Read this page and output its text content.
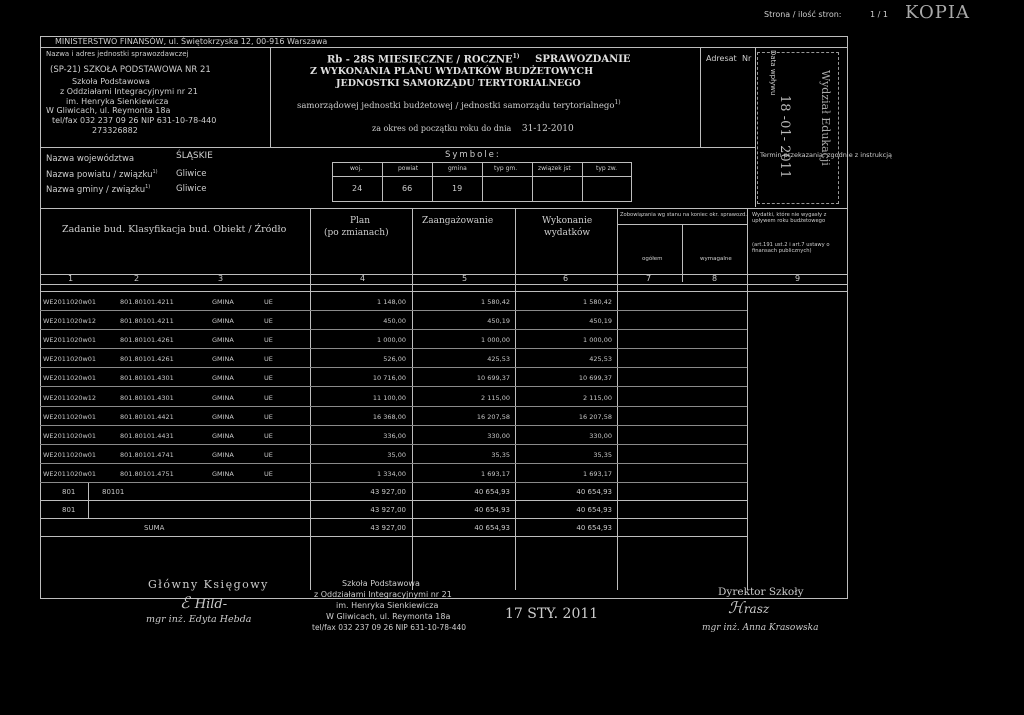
Strona / ilość stron:	1 / 1 KOPIA
MINISTERSTWO FINANSÓW, ul. Świętokrzyska 12, 00-916 Warszawa
Nazwa i adres jednostki sprawozdawczej
(SP-21) SZKOŁA PODSTAWOWA NR 21
Szkoła Podstawowa
z Oddziałami Integracyjnymi nr 21
im. Henryka Sienkiewicza
W Gliwicach, ul. Reymonta 18a
tel/fax 032 237 09 26 NIP 631-10-78-440
273326882
Rb - 28S MIESIĘCZNE / ROCZNE$^{1)}$ SPRAWOZDANIE
Z WYKONANIA PLANU WYDATKÓW BUDŻETOWYCH
JEDNOSTKI SAMORZĄDU TERYTORIALNEGO
samorządowej jednostki budżetowej / jednostki samorządu terytorialnego$^{1)}$
za okres od początku roku do dnia 31-12-2010
Adresat Nr	Data wpływu
18 -01- 2011 Wydział Edukacji
Termin przekazania: zgodnie z instrukcją
Nazwa województwa	ŚLĄSKIE
Nazwa powiatu / związku$^{1)}$ Gliwice
Nazwa gminy / związku$^{1)}$	Gliwice
Symbole:
woj.	powiat	gmina	typ gm.	związek jst	typ zw.
24	66	19
Zadanie bud. Klasyfikacja bud. Obiekt / Źródło
Plan
(po zmianach)
Zaangażowanie	Wykonanie
wydatków
Zobowiązania wg stanu na koniec okr. sprawozd.
ogółem	wymagalne
Wydatki, które nie wygasły z upływem roku budżetowego
(art.191 ust.2 i art.7 ustawy o finansach publicznych)
1	2	3	4	5	6	7	8	9
WE2011020w01	801.80101.4211	GMINA	UE	1 148,00	1 580,42	1 580,42
WE2011020w12	801.80101.4211	GMINA	UE	450,00	450,19	450,19
WE2011020w01	801.80101.4261	GMINA	UE	1 000,00	1 000,00	1 000,00
WE2011020w01	801.80101.4261	GMINA	UE	526,00	425,53	425,53
WE2011020w01	801.80101.4301	GMINA	UE	10 716,00	10 699,37	10 699,37
WE2011020w12	801.80101.4301	GMINA	UE	11 100,00	2 115,00	2 115,00
WE2011020w01	801.80101.4421	GMINA	UE	16 368,00	16 207,58	16 207,58
WE2011020w01	801.80101.4431	GMINA	UE	336,00	330,00	330,00
WE2011020w01	801.80101.4741	GMINA	UE	35,00	35,35	35,35
WE2011020w01	801.80101.4751	GMINA	UE	1 334,00	1 693,17	1 693,17
801	80101	43 927,00	40 654,93	40 654,93
801	43 927,00	40 654,93	40 654,93
SUMA	43 927,00	40 654,93	40 654,93
Główny Księgowy
ℰ Hild-
mgr inż. Edyta Hebda
Szkoła Podstawowa
z Oddziałami Integracyjnymi nr 21
im. Henryka Sienkiewicza
W Gliwicach, ul. Reymonta 18a
tel/fax 032 237 09 26 NIP 631-10-78-440
17 STY. 2011
Dyrektor Szkoły
ℋrasz
mgr inż. Anna Krasowska
